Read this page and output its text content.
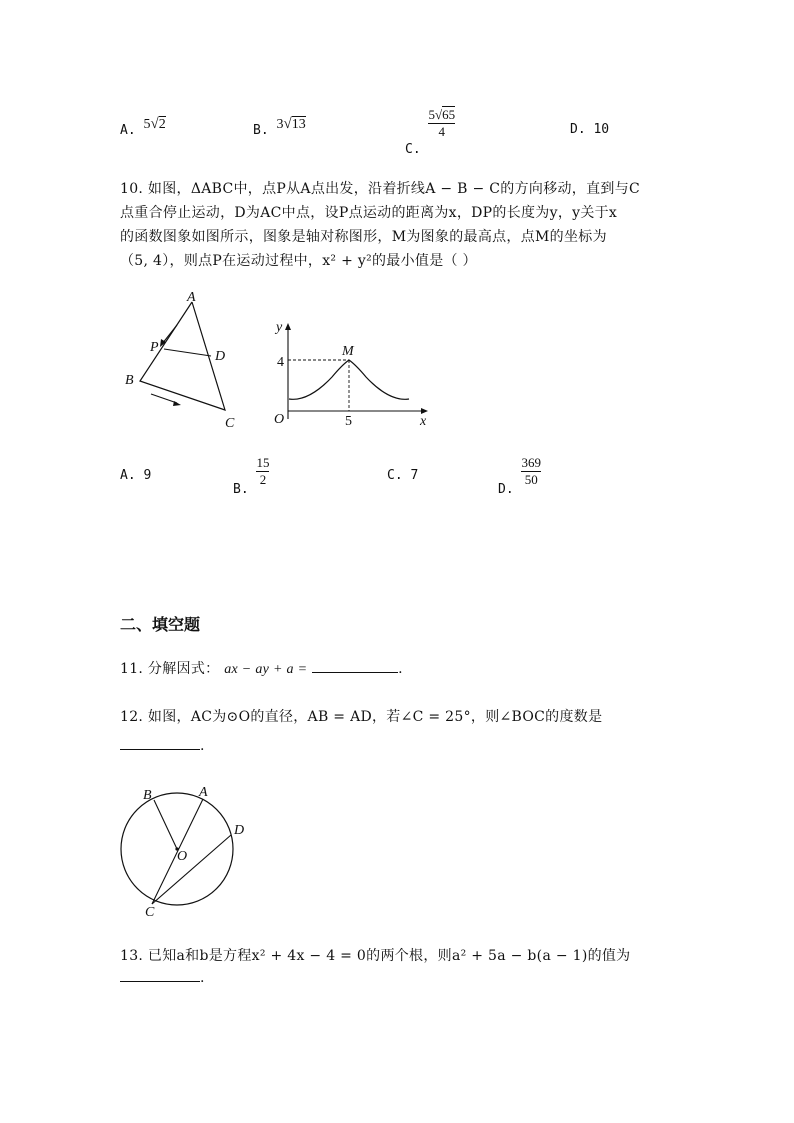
A. 5√2	B. 3√13
C.
$\frac{5√65}{4}$	D. 10
10. 如图，ΔABC中，点P从A点出发，沿着折线A − B − C的方向移动，直到与C
点重合停止运动，D为AC中点，设P点运动的距离为x，DP的长度为y，y关于x
的函数图象如图所示，图象是轴对称图形，M为图象的最高点，点M的坐标为
（5, 4），则点P在运动过程中，x² + y²的最小值是（ ）
A
B
C
D
P
y
x
O
M
4
5
A. 9
B.
$\frac{15}{2}$	C. 7
D.
$\frac{369}{50}$
二、填空题
11. 分解因式： ax − ay + a =	.
12. 如图，AC为⊙O的直径，AB = AD，若∠C = 25°，则∠BOC的度数是
.
B	A
D
O
C
13. 已知a和b是方程x² + 4x − 4 = 0的两个根，则a² + 5a − b(a − 1)的值为
.
